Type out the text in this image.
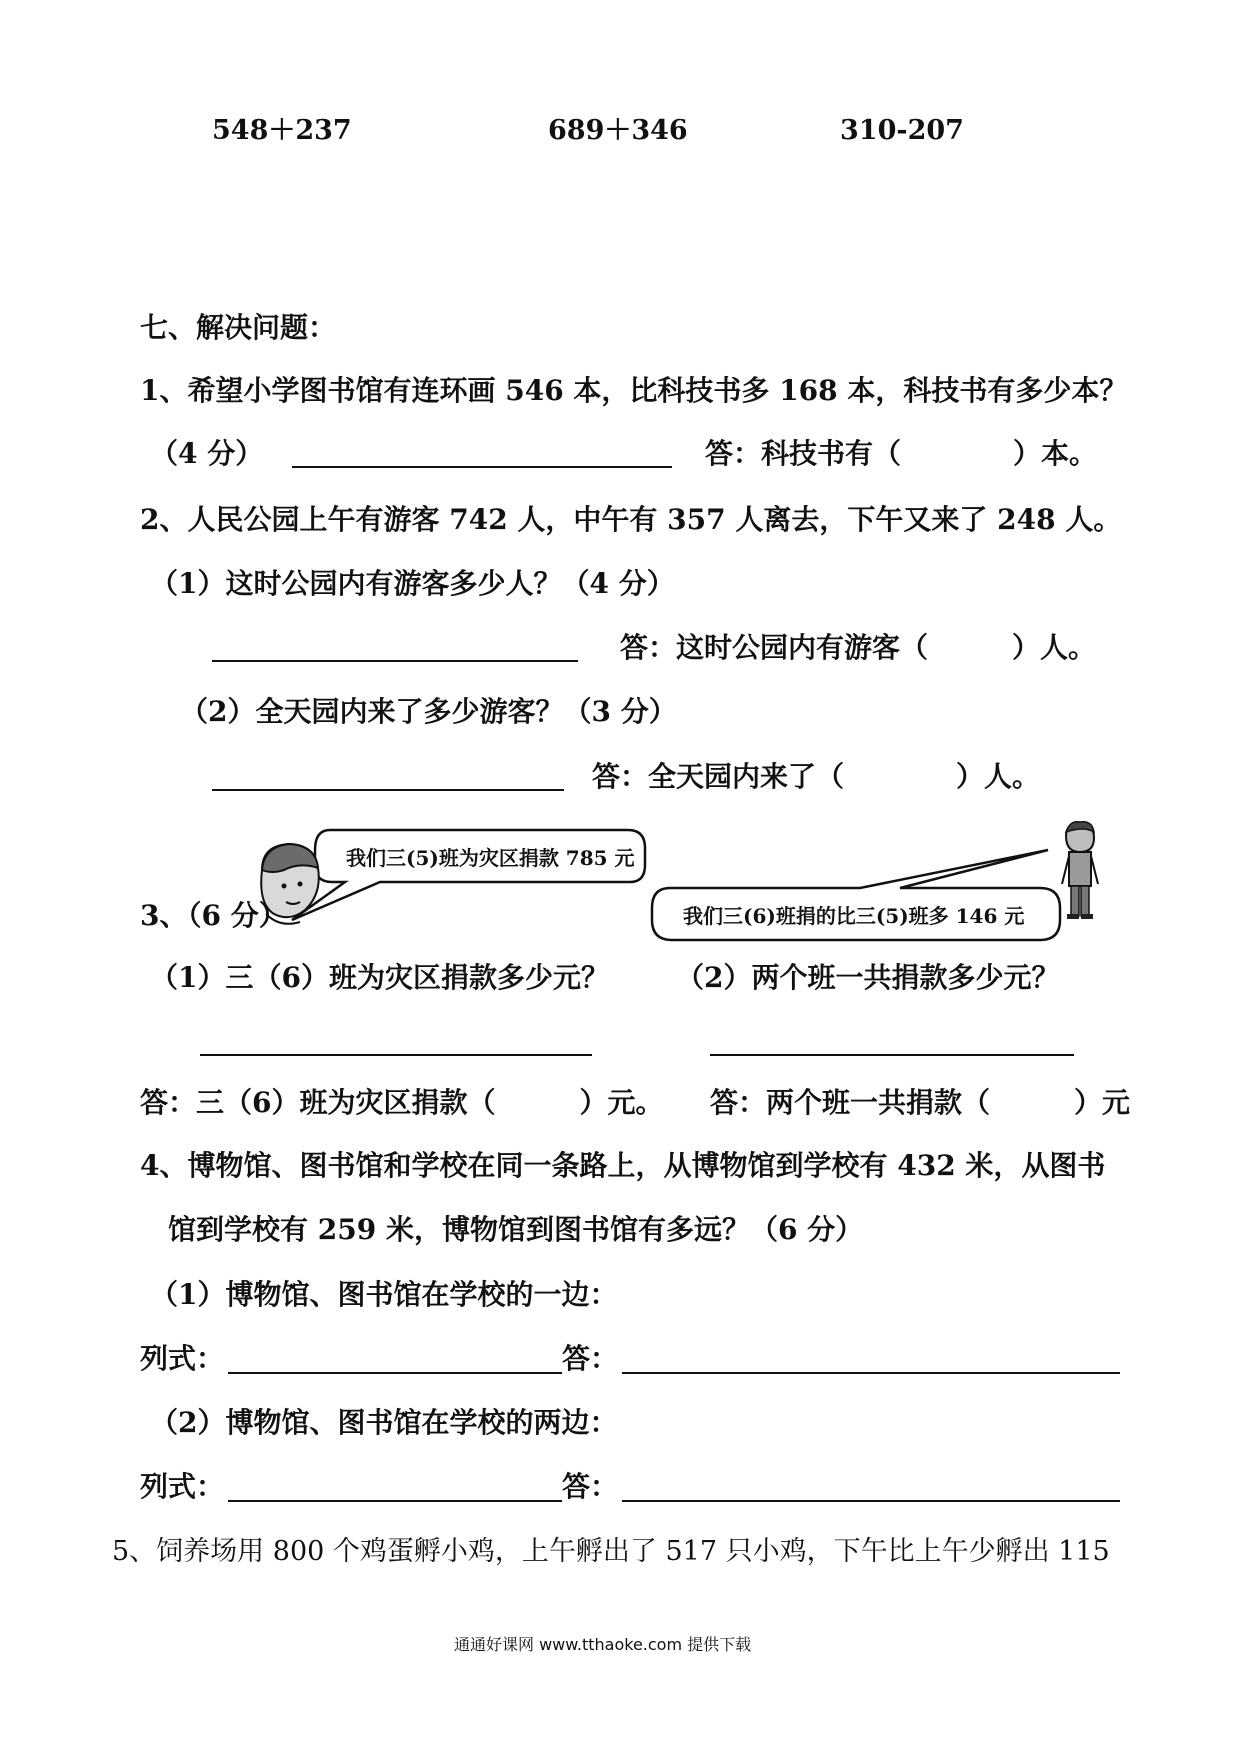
548＋237	689＋346	310-207
七、解决问题：
1、希望小学图书馆有连环画 546 本，比科技书多 168 本，科技书有多少本？
（4 分）	答：科技书有（　　　　）本。
2、人民公园上午有游客 742 人，中午有 357 人离去，下午又来了 248 人。
（1）这时公园内有游客多少人？（4 分）
答：这时公园内有游客（　　　）人。
（2）全天园内来了多少游客？（3 分）
答：全天园内来了（　　　　）人。
我们三(5)班为灾区捐款 785 元
我们三(6)班捐的比三(5)班多 146 元
3、（6 分）
（1）三（6）班为灾区捐款多少元？ （2）两个班一共捐款多少元？
答：三（6）班为灾区捐款（　　　）元。 答：两个班一共捐款（　　　）元
4、博物馆、图书馆和学校在同一条路上，从博物馆到学校有 432 米，从图书
馆到学校有 259 米，博物馆到图书馆有多远？（6 分）
（1）博物馆、图书馆在学校的一边：
列式：	答：
（2）博物馆、图书馆在学校的两边：
列式：	答：
5、饲养场用 800 个鸡蛋孵小鸡，上午孵出了 517 只小鸡，下午比上午少孵出 115
通通好课网 www.tthaoke.com 提供下载
